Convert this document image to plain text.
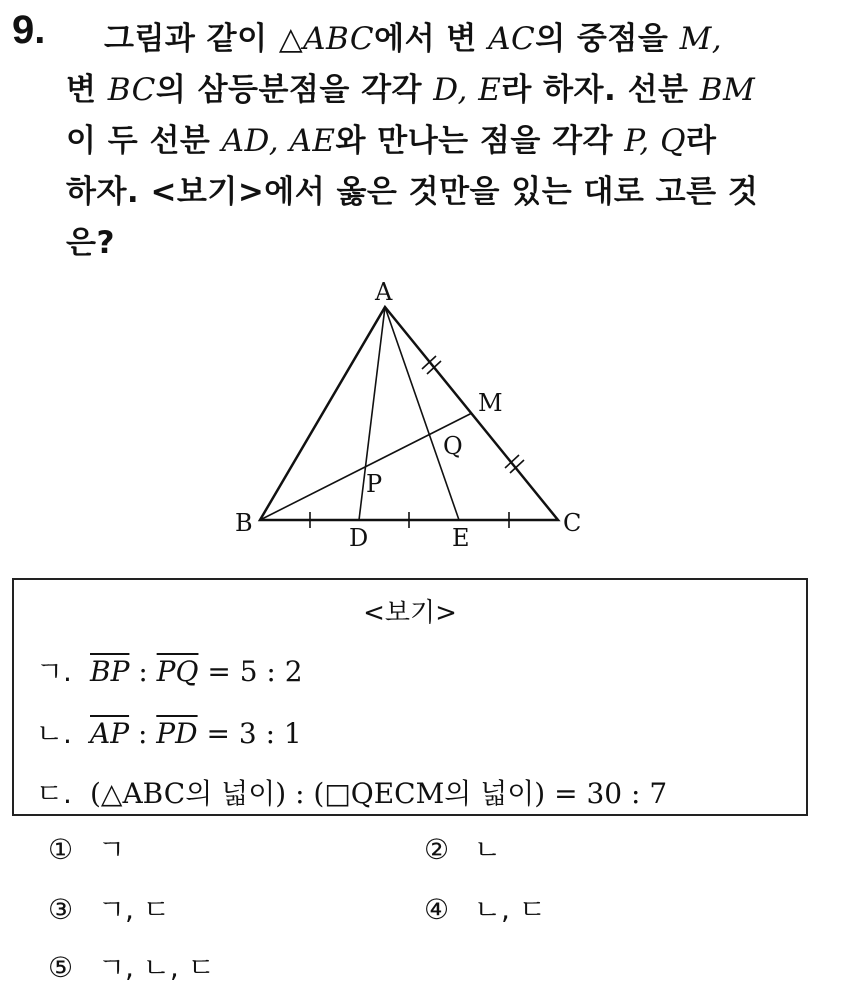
9.	그림과 같이 △ABC에서 변 AC의 중점을 M,
변 BC의 삼등분점을 각각 D, E라 하자. 선분 BM
이 두 선분 AD, AE와 만나는 점을 각각 P, Q라
하자. <보기>에서 옳은 것만을 있는 대로 고른 것
은?
A
B	C
D	E
M
P
Q
<보기>
ㄱ. $\overline{BP}$ : $\overline{PQ} = 5$ : 2
ㄴ. $\overline{AP}$ : $\overline{PD} = 3$ : 1
ㄷ. (△ABC의 넓이) : (□QECM의 넓이) = 30 : 7
① ㄱ	② ㄴ
③ ㄱ, ㄷ	④ ㄴ, ㄷ
⑤ ㄱ, ㄴ, ㄷ
